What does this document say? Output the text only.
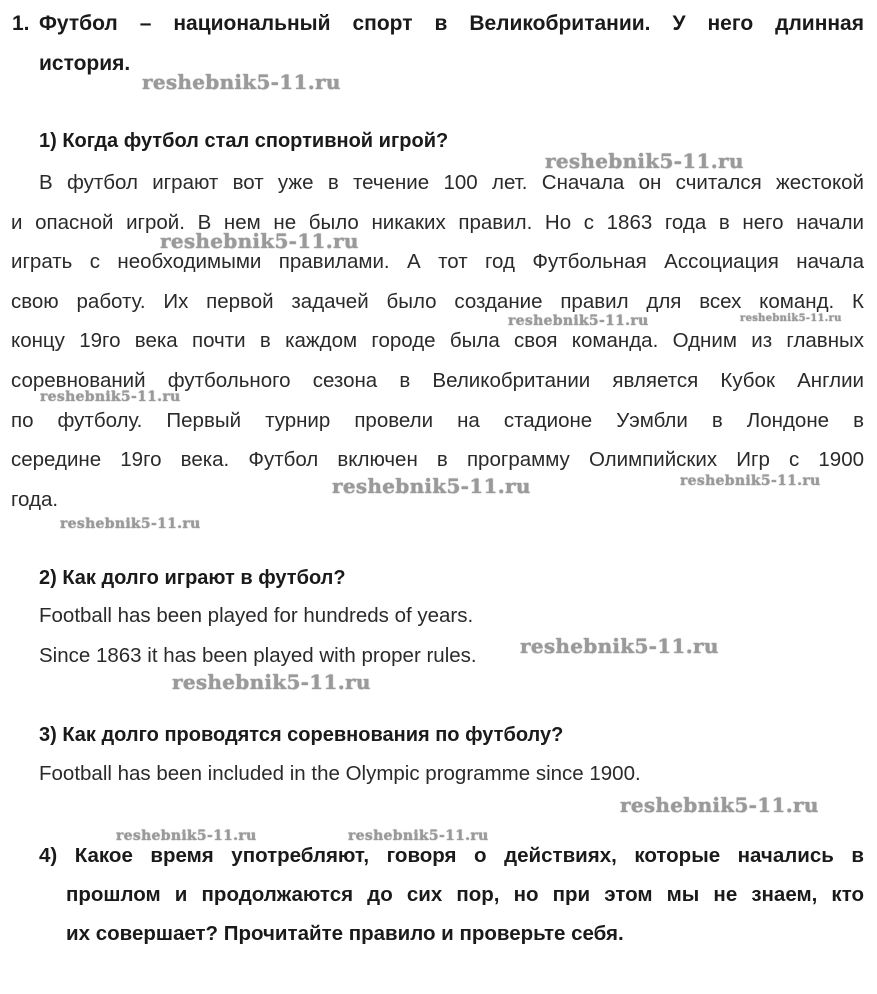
1. Футбол – национальный спорт в Великобритании. У него длинная
история.
1) Когда футбол стал спортивной игрой?
В футбол играют вот уже в течение 100 лет. Сначала он считался жестокой
и опасной игрой. В нем не было никаких правил. Но с 1863 года в него начали
играть с необходимыми правилами. А тот год Футбольная Ассоциация начала
свою работу. Их первой задачей было создание правил для всех команд. К
концу 19го века почти в каждом городе была своя команда. Одним из главных
соревнований футбольного сезона в Великобритании является Кубок Англии
по футболу. Первый турнир провели на стадионе Уэмбли в Лондоне в
середине 19го века. Футбол включен в программу Олимпийских Игр с 1900
года.
2) Как долго играют в футбол?
Football has been played for hundreds of years.
Since 1863 it has been played with proper rules.
3) Как долго проводятся соревнования по футболу?
Football has been included in the Olympic programme since 1900.
4) Какое время употребляют, говоря о действиях, которые начались в
прошлом и продолжаются до сих пор, но при этом мы не знаем, кто
их совершает? Прочитайте правило и проверьте себя.
reshebnik5-11.ru
reshebnik5-11.ru
reshebnik5-11.ru
reshebnik5-11.ru	reshebnik5-11.ru
reshebnik5-11.ru
reshebnik5-11.ru	reshebnik5-11.ru
reshebnik5-11.ru
reshebnik5-11.ru
reshebnik5-11.ru
reshebnik5-11.ru
reshebnik5-11.ru	reshebnik5-11.ru
